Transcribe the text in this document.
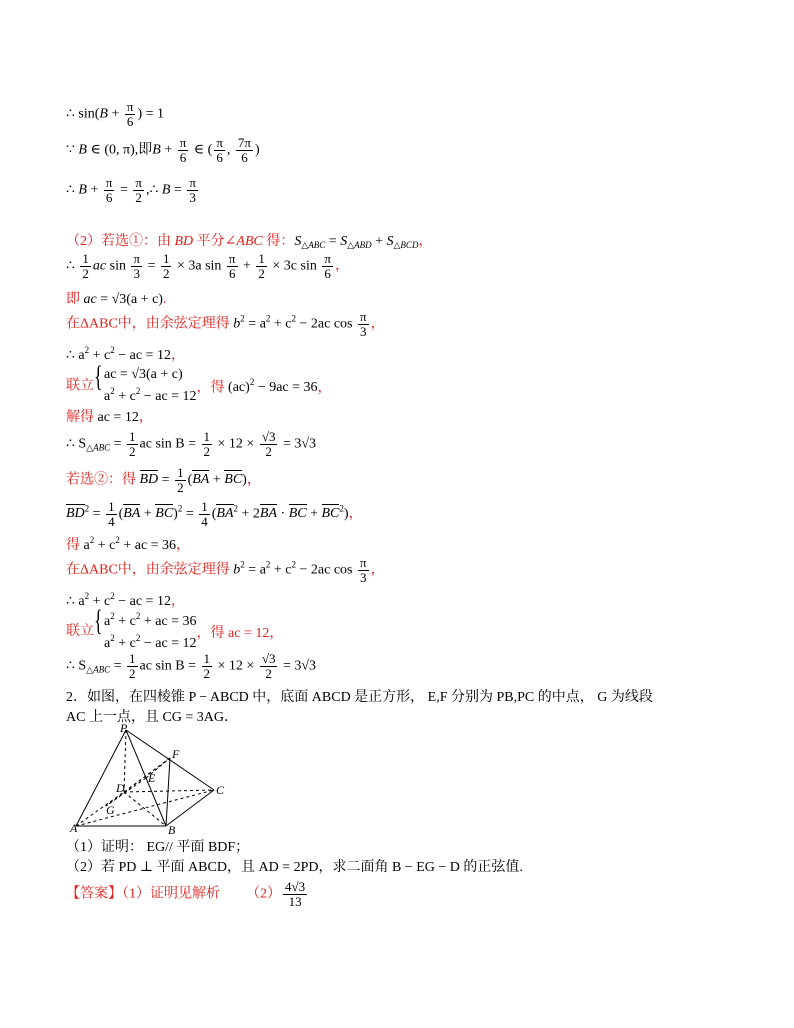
∴ $\sin(B + \frac{\pi}{6}$ ) = 1
∵ B ∈ (0, π),即$B + \frac{\pi}{6}$ ∈ ( $\frac{\pi}{6}$ , $\frac{7\pi}{6}$ )
∴ $B + \frac{\pi}{6} = \frac{\pi}{2}$ ,∴ $B = \frac{\pi}{3}$
（2）若选①：由 BD 平分∠ABC 得：$S_{\triangle ABC} = S_{\triangle ABD} + S_{\triangle BCD}$，
∴ $\frac{1}{2}$ ac $\sin \frac{\pi}{3} = \frac{1}{2} \times 3a$ $\sin \frac{\pi}{6} + \frac{1}{2} \times 3c$ $\sin \frac{\pi}{6}$ ，
即 ac = √3(a + c).
在ΔABC中，由余弦定理得 $b^2 = a^2 + c^2 - 2ac$ $\cos \frac{\pi}{3}$ ，
∴ $a^2 + c^2$ − ac = 12，
联立 { ac = √3(a + c)
$a^2 + c^2$ − ac = 12
，得 (ac)$^2$ − 9ac = 36，
解得 ac = 12，
∴ $S_{\triangle ABC} = \frac{1}{2}$ ac $\sin B = \frac{1}{2} \times 12 \times \frac{√3}{2} = 3√3$
若选②：得 BD = $\frac{1}{2} (BA + BC)$，
$BD^2 = \frac{1}{4} (BA + BC)^2 = \frac{1}{4} (BA^2 + 2BA$ · BC + $BC^2$)，
得 $a^2 + c^2$ + ac = 36，
在ΔABC中，由余弦定理得 $b^2 = a^2 + c^2 - 2ac$ $\cos \frac{\pi}{3}$ ，
∴ $a^2 + c^2$ − ac = 12，
联立 { $a^2 + c^2$ + ac = 36
$a^2 + c^2$ − ac = 12
，得 ac = 12，
∴ $S_{\triangle ABC} = \frac{1}{2}$ ac $\sin B = \frac{1}{2} \times 12 \times \frac{√3}{2} = 3√3$
2．如图，在四棱锥 P − ABCD 中，底面 ABCD 是正方形， E,F 分别为 PB,PC 的中点， G 为线段
AC 上一点，且 CG = 3AG．
P
F
D
E
C
G
A	B
（1）证明： EG// 平面 BDF；
（2）若 PD ⊥ 平面 ABCD，且 AD = 2PD，求二面角 B − EG − D 的正弦值.
【答案】（1）证明见解析 $(2) \frac{4√3}{13}$
